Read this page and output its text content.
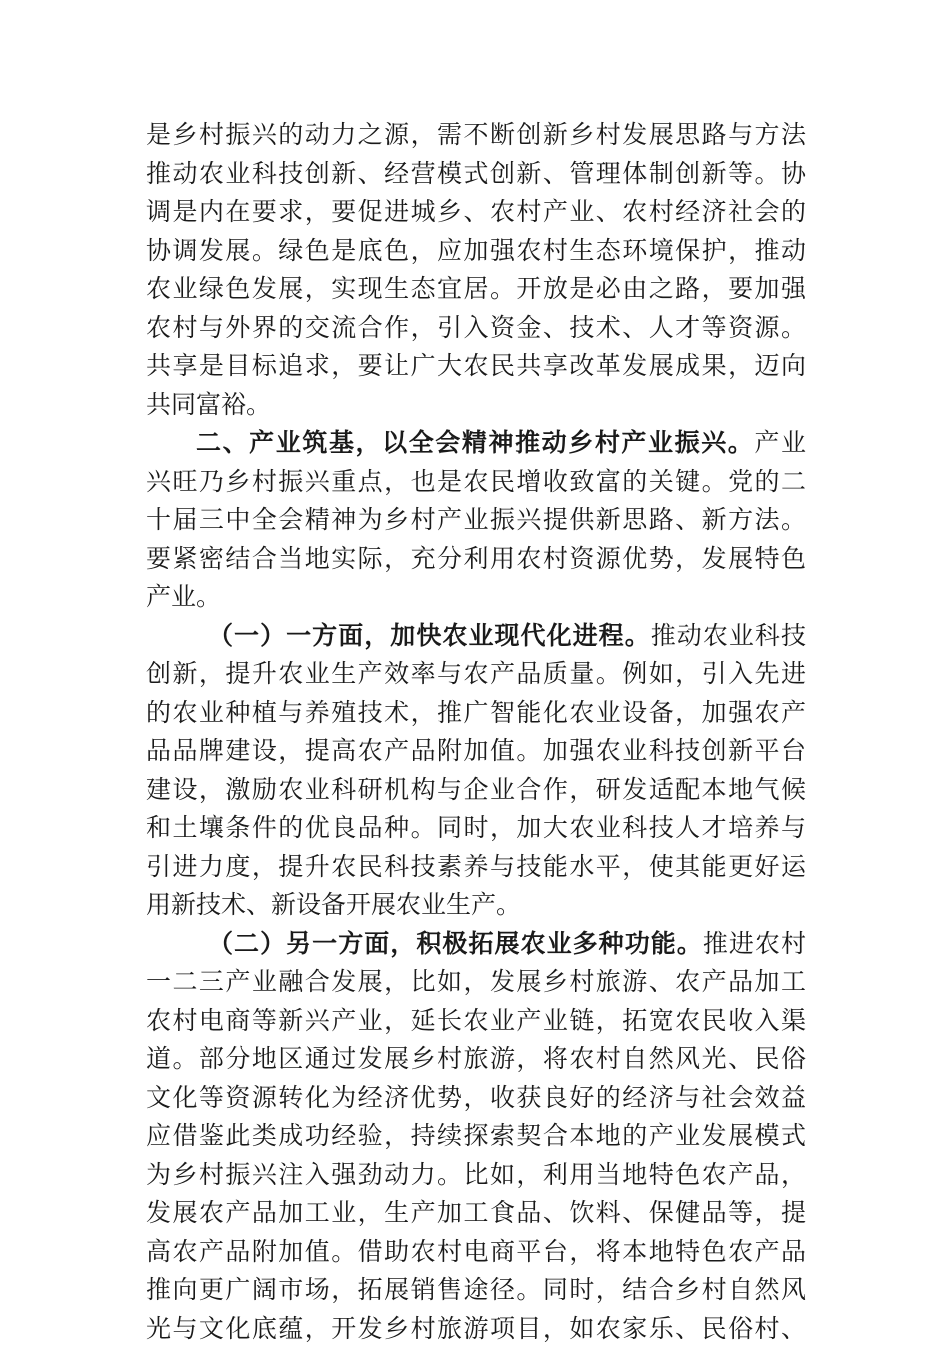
是乡村振兴的动力之源，需不断创新乡村发展思路与方法
推动农业科技创新、经营模式创新、管理体制创新等。协
调是内在要求，要促进城乡、农村产业、农村经济社会的
协调发展。绿色是底色，应加强农村生态环境保护，推动
农业绿色发展，实现生态宜居。开放是必由之路，要加强
农村与外界的交流合作，引入资金、技术、人才等资源。
共享是目标追求，要让广大农民共享改革发展成果，迈向
共同富裕。
二、产业筑基，以全会精神推动乡村产业振兴。产业
兴旺乃乡村振兴重点，也是农民增收致富的关键。党的二
十届三中全会精神为乡村产业振兴提供新思路、新方法。
要紧密结合当地实际，充分利用农村资源优势，发展特色
产业。
（一）一方面，加快农业现代化进程。推动农业科技
创新，提升农业生产效率与农产品质量。例如，引入先进
的农业种植与养殖技术，推广智能化农业设备，加强农产
品品牌建设，提高农产品附加值。加强农业科技创新平台
建设，激励农业科研机构与企业合作，研发适配本地气候
和土壤条件的优良品种。同时，加大农业科技人才培养与
引进力度，提升农民科技素养与技能水平，使其能更好运
用新技术、新设备开展农业生产。
（二）另一方面，积极拓展农业多种功能。推进农村
一二三产业融合发展，比如，发展乡村旅游、农产品加工
农村电商等新兴产业，延长农业产业链，拓宽农民收入渠
道。部分地区通过发展乡村旅游，将农村自然风光、民俗
文化等资源转化为经济优势，收获良好的经济与社会效益
应借鉴此类成功经验，持续探索契合本地的产业发展模式
为乡村振兴注入强劲动力。比如，利用当地特色农产品，
发展农产品加工业，生产加工食品、饮料、保健品等，提
高农产品附加值。借助农村电商平台，将本地特色农产品
推向更广阔市场，拓展销售途径。同时，结合乡村自然风
光与文化底蕴，开发乡村旅游项目，如农家乐、民俗村、
